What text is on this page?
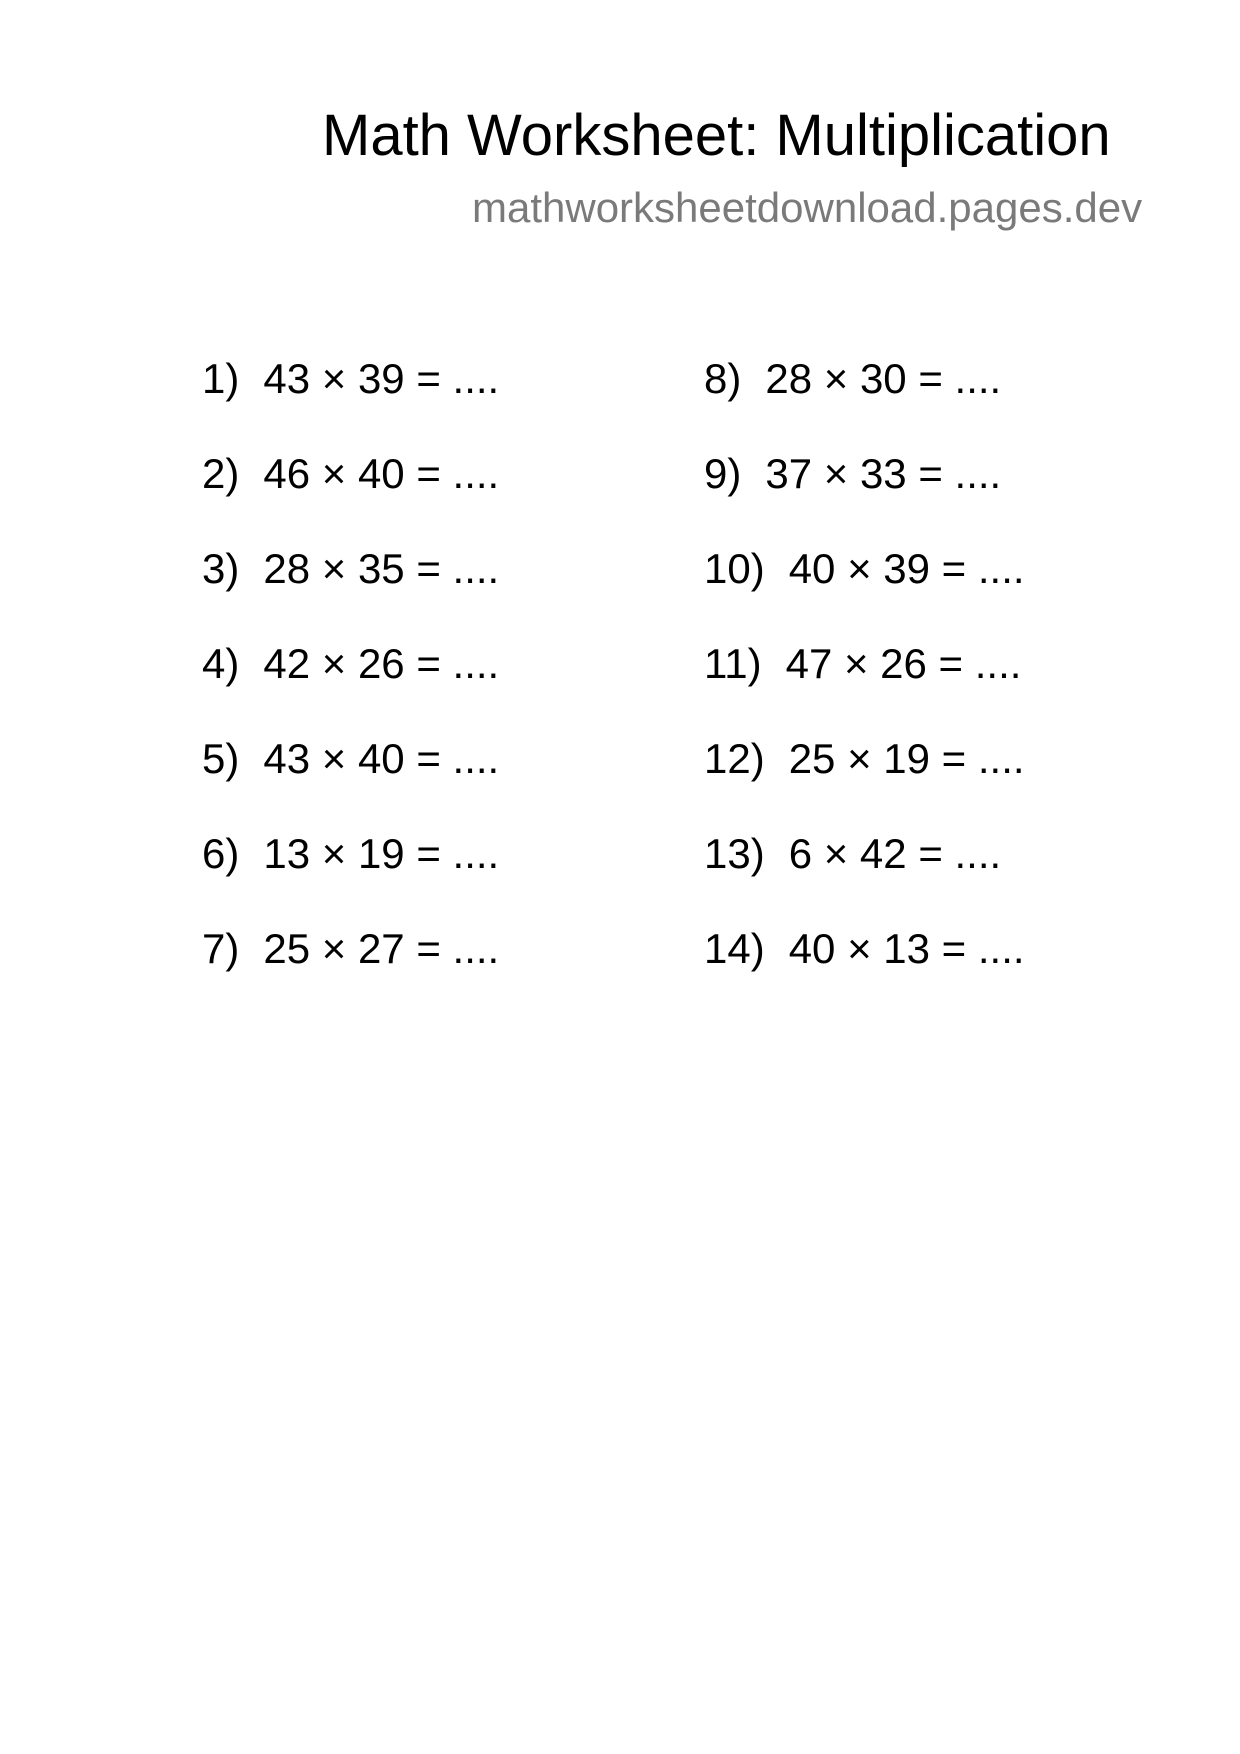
Math Worksheet: Multiplication
mathworksheetdownload.pages.dev
1) 43 × 39 = ....
2) 46 × 40 = ....
3) 28 × 35 = ....
4) 42 × 26 = ....
5) 43 × 40 = ....
6) 13 × 19 = ....
7) 25 × 27 = ....
8) 28 × 30 = ....
9) 37 × 33 = ....
10) 40 × 39 = ....
11) 47 × 26 = ....
12) 25 × 19 = ....
13) 6 × 42 = ....
14) 40 × 13 = ....
